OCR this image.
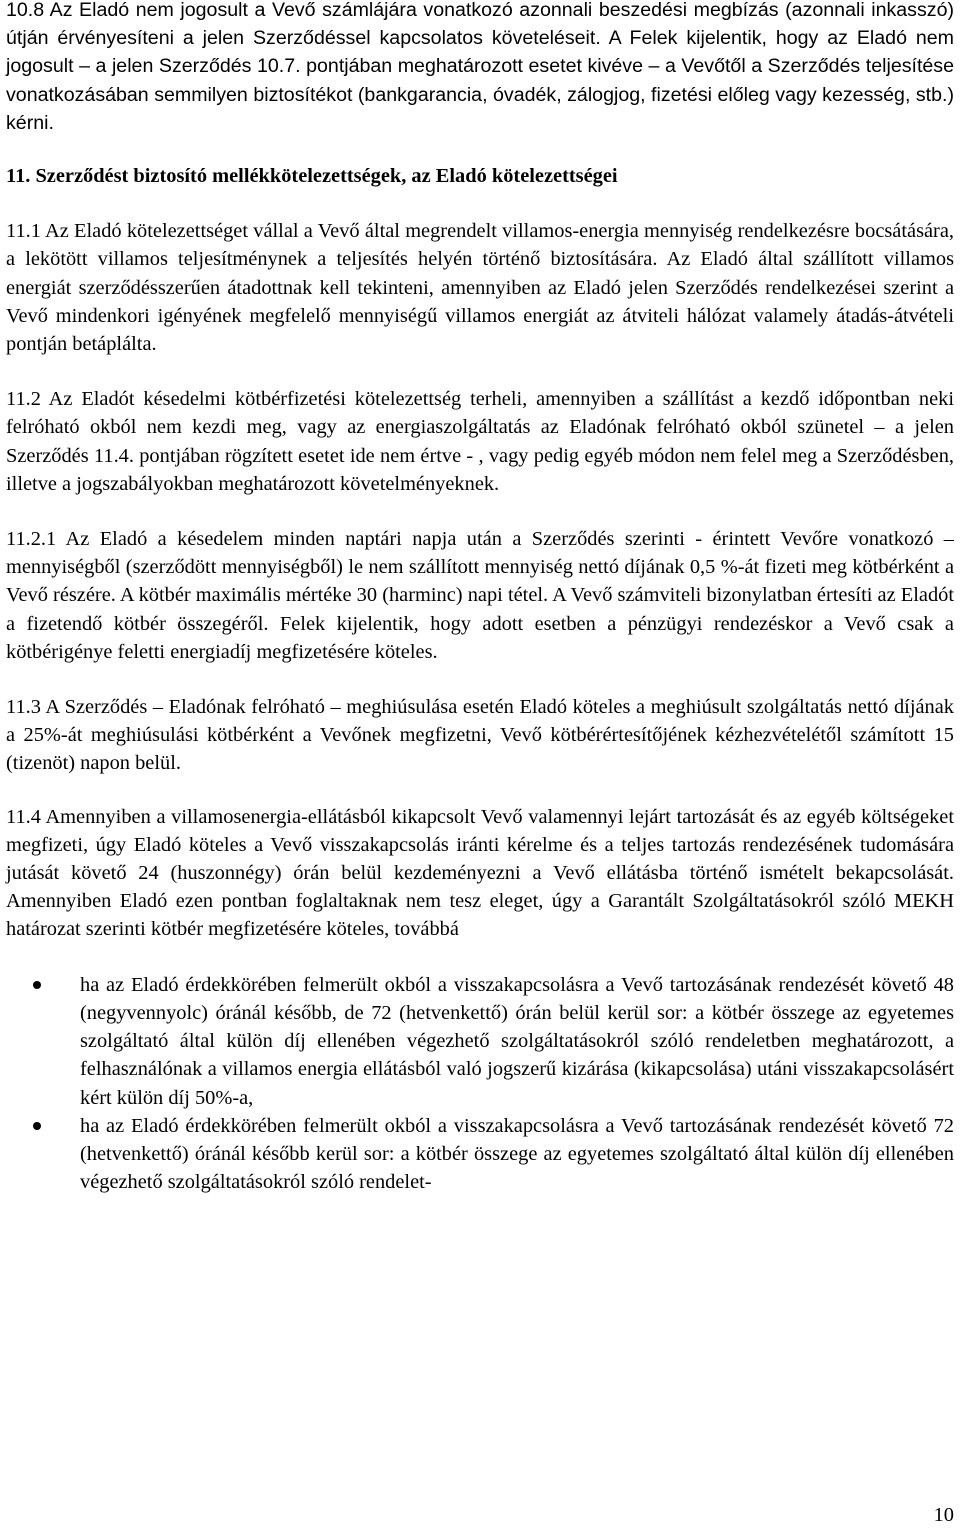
10.8 Az Eladó nem jogosult a Vevő számlájára vonatkozó azonnali beszedési megbízás (azonnali inkasszó) útján érvényesíteni a jelen Szerződéssel kapcsolatos követeléseit. A Felek kijelentik, hogy az Eladó nem jogosult – a jelen Szerződés 10.7. pontjában meghatározott esetet kivéve – a Vevőtől a Szerződés teljesítése vonatkozásában semmilyen biztosítékot (bankgarancia, óvadék, zálogjog, fizetési előleg vagy kezesség, stb.) kérni.

11. Szerződést biztosító mellékkötelezettségek, az Eladó kötelezettségei

11.1 Az Eladó kötelezettséget vállal a Vevő által megrendelt villamos-energia mennyiség rendelkezésre bocsátására, a lekötött villamos teljesítménynek a teljesítés helyén történő biztosítására. Az Eladó által szállított villamos energiát szerződésszerűen átadottnak kell tekinteni, amennyiben az Eladó jelen Szerződés rendelkezései szerint a Vevő mindenkori igényének megfelelő mennyiségű villamos energiát az átviteli hálózat valamely átadás-átvételi pontján betáplálta.

11.2 Az Eladót késedelmi kötbérfizetési kötelezettség terheli, amennyiben a szállítást a kezdő időpontban neki felróható okból nem kezdi meg, vagy az energiaszolgáltatás az Eladónak felróható okból szünetel – a jelen Szerződés 11.4. pontjában rögzített esetet ide nem értve - , vagy pedig egyéb módon nem felel meg a Szerződésben, illetve a jogszabályokban meghatározott követelményeknek.

11.2.1 Az Eladó a késedelem minden naptári napja után a Szerződés szerinti - érintett Vevőre vonatkozó – mennyiségből (szerződött mennyiségből) le nem szállított mennyiség nettó díjának 0,5 %-át fizeti meg kötbérként a Vevő részére. A kötbér maximális mértéke 30 (harminc) napi tétel. A Vevő számviteli bizonylatban értesíti az Eladót a fizetendő kötbér összegéről. Felek kijelentik, hogy adott esetben a pénzügyi rendezéskor a Vevő csak a kötbérigénye feletti energiadíj megfizetésére köteles.

11.3 A Szerződés – Eladónak felróható – meghiúsulása esetén Eladó köteles a meghiúsult szolgáltatás nettó díjának a 25%-át meghiúsulási kötbérként a Vevőnek megfizetni, Vevő kötbérértesítőjének kézhezvételétől számított 15 (tizenöt) napon belül.

11.4 Amennyiben a villamosenergia-ellátásból kikapcsolt Vevő valamennyi lejárt tartozását és az egyéb költségeket megfizeti, úgy Eladó köteles a Vevő visszakapcsolás iránti kérelme és a teljes tartozás rendezésének tudomására jutását követő 24 (huszonnégy) órán belül kezdeményezni a Vevő ellátásba történő ismételt bekapcsolását. Amennyiben Eladó ezen pontban foglaltaknak nem tesz eleget, úgy a Garantált Szolgáltatásokról szóló MEKH határozat szerinti kötbér megfizetésére köteles, továbbá

ha az Eladó érdekkörében felmerült okból a visszakapcsolásra a Vevő tartozásának rendezését követő 48 (negyvennyolc) óránál később, de 72 (hetvenkettő) órán belül kerül sor: a kötbér összege az egyetemes szolgáltató által külön díj ellenében végezhető szolgáltatásokról szóló rendeletben meghatározott, a felhasználónak a villamos energia ellátásból való jogszerű kizárása (kikapcsolása) utáni visszakapcsolásért kért külön díj 50%-a,
ha az Eladó érdekkörében felmerült okból a visszakapcsolásra a Vevő tartozásának rendezését követő 72 (hetvenkettő) óránál később kerül sor: a kötbér összege az egyetemes szolgáltató által külön díj ellenében végezhető szolgáltatásokról szóló rendelet-
10
